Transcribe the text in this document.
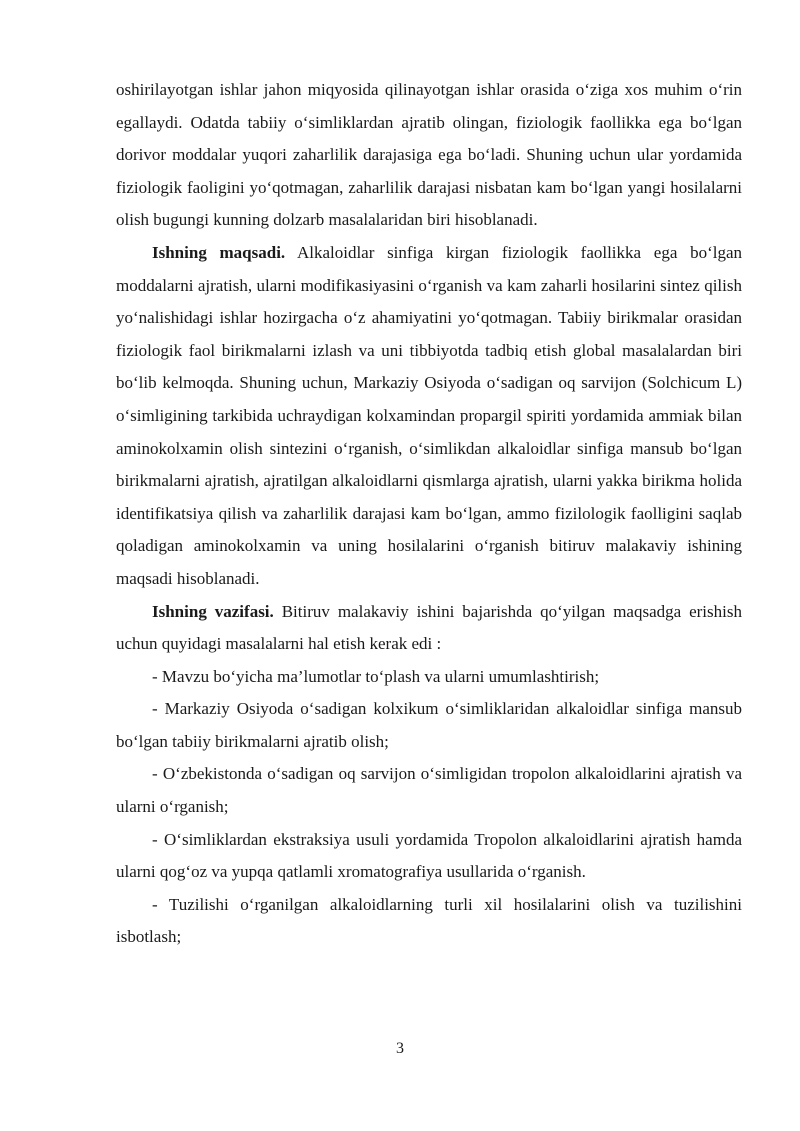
oshirilayotgan ishlar jahon miqyosida qilinayotgan ishlar orasida o‘ziga xos muhim o‘rin egallaydi. Odatda tabiiy o‘simliklardan ajratib olingan, fiziologik faollikka ega bo‘lgan dorivor moddalar yuqori zaharlilik darajasiga ega bo‘ladi. Shuning uchun ular yordamida fiziologik faoligini yo‘qotmagan, zaharlilik darajasi nisbatan kam bo‘lgan yangi hosilalarni olish bugungi kunning dolzarb masalalaridan biri hisoblanadi.

Ishning maqsadi. Alkaloidlar sinfiga kirgan fiziologik faollikka ega bo‘lgan moddalarni ajratish, ularni modifikasiyasini o‘rganish va kam zaharli hosilarini sintez qilish yo‘nalishidagi ishlar hozirgacha o‘z ahamiyatini yo‘qotmagan. Tabiiy birikmalar orasidan fiziologik faol birikmalarni izlash va uni tibbiyotda tadbiq etish global masalalardan biri bo‘lib kelmoqda. Shuning uchun, Markaziy Osiyoda o‘sadigan oq sarvijon (Solchicum L) o‘simligining tarkibida uchraydigan kolxamindan propargil spiriti yordamida ammiak bilan aminokolxamin olish sintezini o‘rganish, o‘simlikdan alkaloidlar sinfiga mansub bo‘lgan birikmalarni ajratish, ajratilgan alkaloidlarni qismlarga ajratish, ularni yakka birikma holida identifikatsiya qilish va zaharlilik darajasi kam bo‘lgan, ammo fizilologik faolligini saqlab qoladigan aminokolxamin va uning hosilalarini o‘rganish bitiruv malakaviy ishining maqsadi hisoblanadi.

Ishning vazifasi. Bitiruv malakaviy ishini bajarishda qo‘yilgan maqsadga erishish uchun quyidagi masalalarni hal etish kerak edi :

- Mavzu bo‘yicha ma’lumotlar to‘plash va ularni umumlashtirish;

- Markaziy Osiyoda o‘sadigan kolxikum o‘simliklaridan alkaloidlar sinfiga mansub bo‘lgan tabiiy birikmalarni ajratib olish;

- O‘zbekistonda o‘sadigan oq sarvijon o‘simligidan tropolon alkaloidlarini ajratish va ularni o‘rganish;

- O‘simliklardan ekstraksiya usuli yordamida Tropolon alkaloidlarini ajratish hamda ularni qog‘oz va yupqa qatlamli xromatografiya usullarida o‘rganish.

- Tuzilishi o‘rganilgan alkaloidlarning turli xil hosilalarini olish va tuzilishini isbotlash;

3
